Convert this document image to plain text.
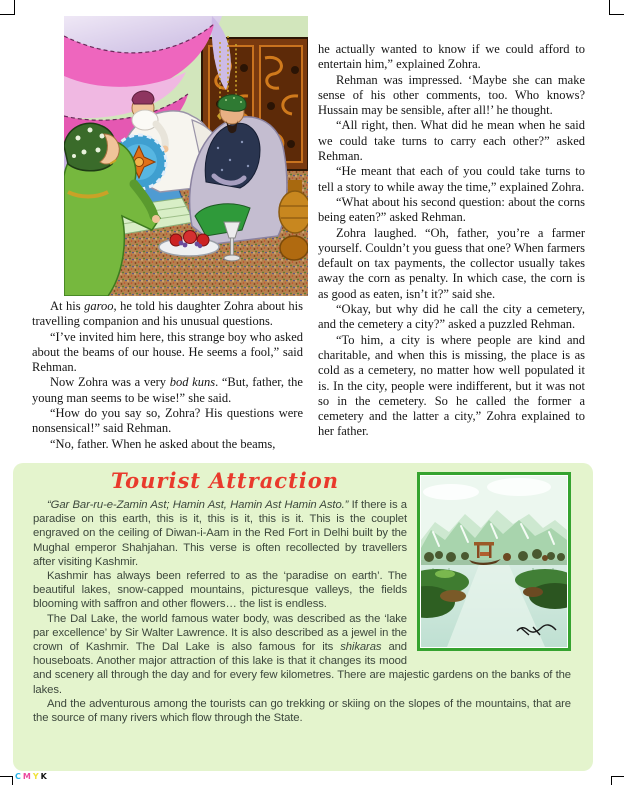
CMYK

At his garoo, he told his daughter Zohra about his travelling companion and his unusual questions.

“I’ve invited him here, this strange boy who asked about the beams of our house. He seems a fool,” said Rehman.

Now Zohra was a very bod kuns. “But, father, the young man seems to be wise!” she said.

“How do you say so, Zohra? His questions were nonsensical!” said Rehman.

“No, father. When he asked about the beams,

he actually wanted to know if we could afford to entertain him,” explained Zohra.

Rehman was impressed. ‘Maybe she can make sense of his other comments, too. Who knows? Hussain may be sensible, after all!’ he thought.

“All right, then. What did he mean when he said we could take turns to carry each other?” asked Rehman.

“He meant that each of you could take turns to tell a story to while away the time,” explained Zohra.

“What about his second question: about the corns being eaten?” asked Rehman.

Zohra laughed. “Oh, father, you’re a farmer yourself. Couldn’t you guess that one? When farmers default on tax payments, the collector usually takes away the corn as penalty. In which case, the corn is as good as eaten, isn’t it?” said she.

“Okay, but why did he call the city a cemetery, and the cemetery a city?” asked a puzzled Rehman.

“To him, a city is where people are kind and charitable, and when this is missing, the place is as cold as a cemetery, no matter how well populated it is. In the city, people were indifferent, but it was not so in the cemetery. So he called the former a cemetery and the latter a city,” Zohra explained to her father.

Tourist Attraction

“Gar Bar-ru-e-Zamin Ast; Hamin Ast, Hamin Ast Hamin Asto.” If there is a paradise on this earth, this is it, this is it, this is it. This is the couplet engraved on the ceiling of Diwan-i-Aam in the Red Fort in Delhi built by the Mughal emperor Shahjahan. This verse is often recollected by travellers after visiting Kashmir.

Kashmir has always been referred to as the ‘paradise on earth’. The beautiful lakes, snow-capped mountains, picturesque valleys, the fields blooming with saffron and other flowers… the list is endless.

The Dal Lake, the world famous water body, was described as the ‘lake par excellence’ by Sir Walter Lawrence. It is also described as a jewel in the crown of Kashmir. The Dal Lake is also famous for its shikaras and houseboats. Another major attraction of this lake is that it changes its mood and scenery all through the day and for every few kilometres. There are majestic gardens on the banks of the lakes.

And the adventurous among the tourists can go trekking or skiing on the slopes of the mountains, that are the source of many rivers which flow through the State.
